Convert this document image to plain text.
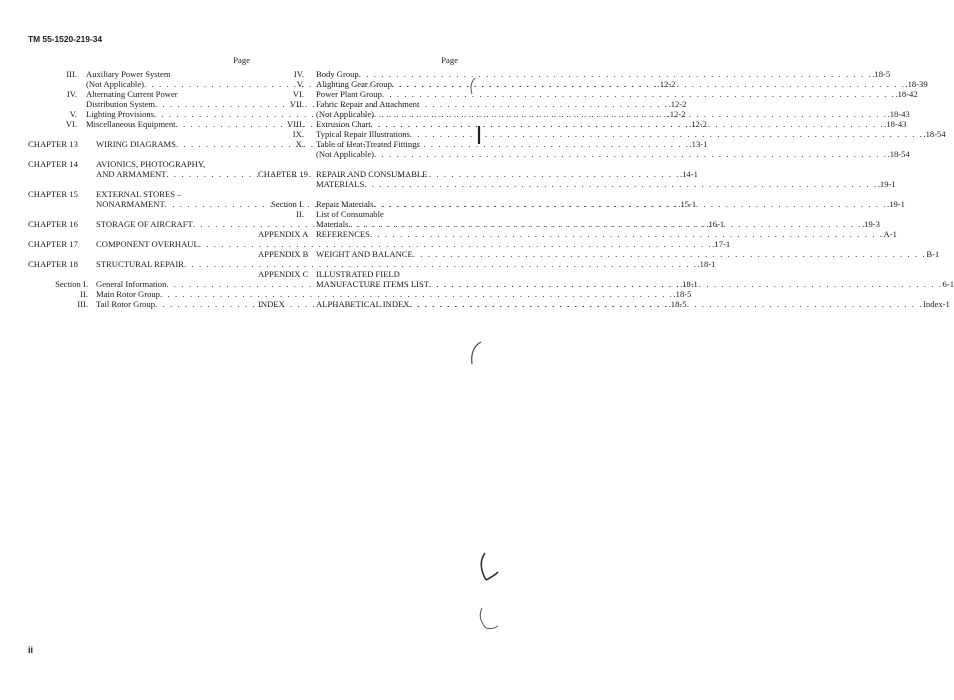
TM 55-1520-219-34
Page
III.	Auxiliary Power System
(Not Applicable) . . .	.12-2
IV.	Alternating Current Power
Distribution System . . .	.12-2
V.	Lighting Provisions . . .	.12-2
VI.	Miscellaneous Equipment . . .	.12-2
CHAPTER 13	WIRING DIAGRAMS . . .	.13-1
CHAPTER 14	AVIONICS, PHOTOGRAPHY,
AND ARMAMENT . . .	.14-1
CHAPTER 15	EXTERNAL STORES –
NONARMAMENT . . .	.15-1
CHAPTER 16	STORAGE OF AIRCRAFT . . .	.16-1
CHAPTER 17	COMPONENT OVERHAUL . . .	.17-1
CHAPTER 18	STRUCTURAL REPAIR . . .	.18-1
Section I. General Information . . .	.18-1
II. Main Rotor Group . . .	.18-5
III. Tail Rotor Group . . .	.18-5
Page
IV.	Body Group . . .	.18-5
V.	Alighting Gear Group . . .	.18-39
VI.	Power Plant Group . . .	.18-42
VII.	Fabric Repair and Attachment
(Not Applicable) . . .	.18-43
VIII.	Extrusion Chart . . .	.18-43
IX.	Typical Repair Illustrations . . .	.18-54
X.	Table of Heat-Treated Fittings
(Not Applicable) . . .	.18-54
CHAPTER 19 REPAIR AND CONSUMABLE
MATERIALS . . .	.19-1
Section I.	Repair Materials . . .	.19-1
II.	List of Consumable
Materials . . .	.19-3
APPENDIX A REFERENCES . . .	A-1
APPENDIX B WEIGHT AND BALANCE . . .	B-1
APPENDIX C ILLUSTRATED FIELD
MANUFACTURE ITEMS LIST . . .	6-1
INDEX	ALPHABETICAL INDEX . . .	Index-1
ii
